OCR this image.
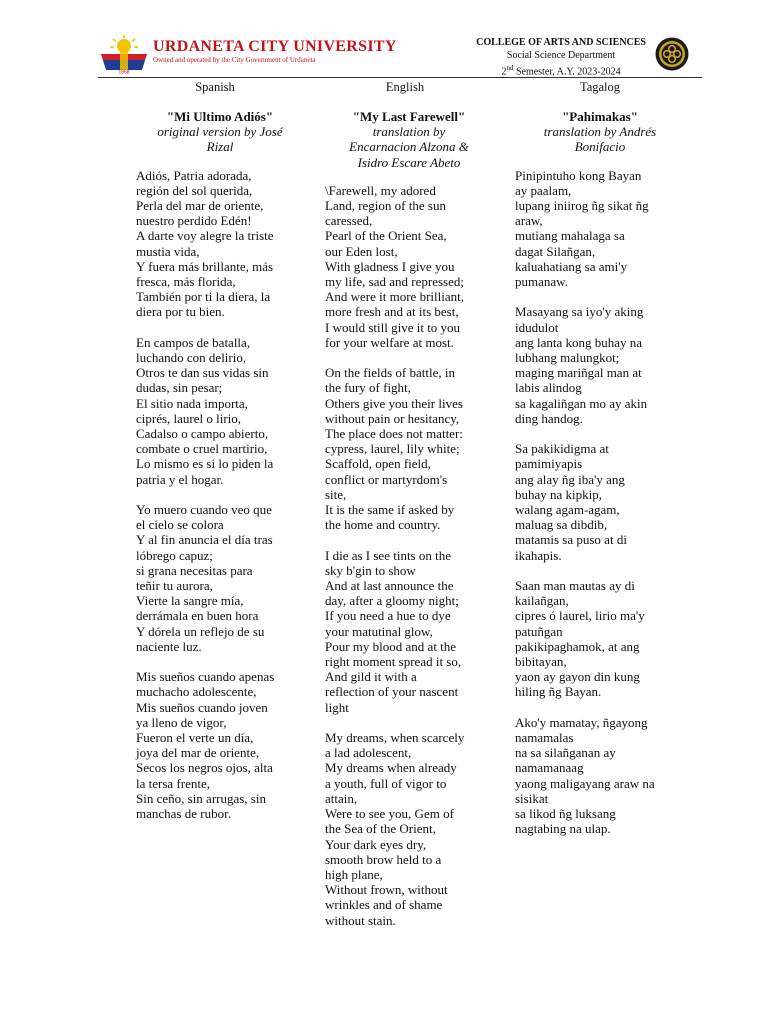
1968
URDANETA CITY UNIVERSITY
Owned and operated by the City Government of Urdaneta
COLLEGE OF ARTS AND SCIENCES
Social Science Department
2nd Semester, A.Y. 2023-2024
Spanish
"Mi Ultimo Adiós"
original version by José
Rizal
Adiós, Patria adorada,
región del sol querida,
Perla del mar de oriente,
nuestro perdido Edén!
A darte voy alegre la triste
mustia vida,
Y fuera más brillante, más
fresca, más florida,
También por ti la diera, la
diera por tu bien.
En campos de batalla,
luchando con delirio,
Otros te dan sus vidas sin
dudas, sin pesar;
El sitio nada importa,
ciprés, laurel o lirio,
Cadalso o campo abierto,
combate o cruel martirio,
Lo mismo es si lo piden la
patria y el hogar.
Yo muero cuando veo que
el cielo se colora
Y al fin anuncia el día tras
lóbrego capuz;
si grana necesitas para
teñir tu aurora,
Vierte la sangre mía,
derrámala en buen hora
Y dórela un reflejo de su
naciente luz.
Mis sueños cuando apenas
muchacho adolescente,
Mis sueños cuando joven
ya lleno de vigor,
Fueron el verte un día,
joya del mar de oriente,
Secos los negros ojos, alta
la tersa frente,
Sin ceño, sin arrugas, sin
manchas de rubor.
English
"My Last Farewell"
translation by
Encarnacion Alzona &
Isidro Escare Abeto
\Farewell, my adored
Land, region of the sun
caressed,
Pearl of the Orient Sea,
our Eden lost,
With gladness I give you
my life, sad and repressed;
And were it more brilliant,
more fresh and at its best,
I would still give it to you
for your welfare at most.
On the fields of battle, in
the fury of fight,
Others give you their lives
without pain or hesitancy,
The place does not matter:
cypress, laurel, lily white;
Scaffold, open field,
conflict or martyrdom's
site,
It is the same if asked by
the home and country.
I die as I see tints on the
sky b'gin to show
And at last announce the
day, after a gloomy night;
If you need a hue to dye
your matutinal glow,
Pour my blood and at the
right moment spread it so,
And gild it with a
reflection of your nascent
light
My dreams, when scarcely
a lad adolescent,
My dreams when already
a youth, full of vigor to
attain,
Were to see you, Gem of
the Sea of the Orient,
Your dark eyes dry,
smooth brow held to a
high plane,
Without frown, without
wrinkles and of shame
without stain.
Tagalog
"Pahimakas"
translation by Andrés
Bonifacio
Pinipintuho kong Bayan
ay paalam,
lupang iniirog ñg sikat ñg
araw,
mutiang mahalaga sa
dagat Silañgan,
kaluahatiang sa ami'y
pumanaw.
Masayang sa iyo'y aking
idudulot
ang lanta kong buhay na
lubhang malungkot;
maging mariñgal man at
labis alindog
sa kagaliñgan mo ay akin
ding handog.
Sa pakikidigma at
pamimiyapis
ang alay ñg iba'y ang
buhay na kipkip,
walang agam-agam,
maluag sa dibdib,
matamis sa puso at di
ikahapis.
Saan man mautas ay di
kailañgan,
cipres ó laurel, lirio ma'y
patuñgan
pakikipaghamok, at ang
bibitayan,
yaon ay gayon din kung
hiling ñg Bayan.
Ako'y mamatay, ñgayong
namamalas
na sa silañganan ay
namamanaag
yaong maligayang araw na
sisikat
sa likod ñg luksang
nagtabing na ulap.
